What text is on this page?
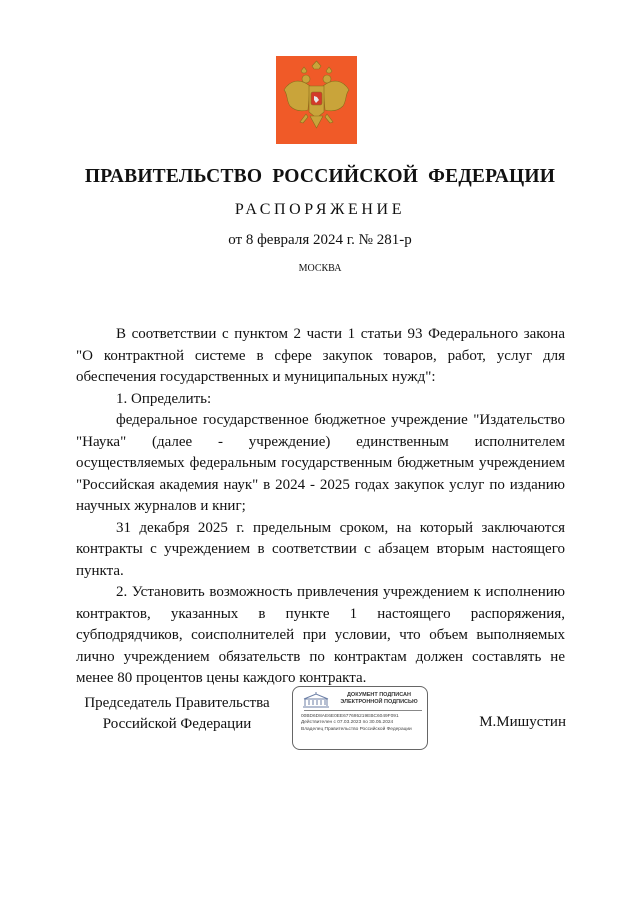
ПРАВИТЕЛЬСТВО РОССИЙСКОЙ ФЕДЕРАЦИИ
РАСПОРЯЖЕНИЕ
от 8 февраля 2024 г. № 281-р
МОСКВА

В соответствии с пунктом 2 части 1 статьи 93 Федерального закона "О контрактной системе в сфере закупок товаров, работ, услуг для обеспечения государственных и муниципальных нужд":

1. Определить:

федеральное государственное бюджетное учреждение "Издательство "Наука" (далее - учреждение) единственным исполнителем осуществляемых федеральным государственным бюджетным учреждением "Российская академия наук" в 2024 - 2025 годах закупок услуг по изданию научных журналов и книг;

31 декабря 2025 г. предельным сроком, на который заключаются контракты с учреждением в соответствии с абзацем вторым настоящего пункта.

2. Установить возможность привлечения учреждением к исполнению контрактов, указанных в пункте 1 настоящего распоряжения, субподрядчиков, соисполнителей при условии, что объем выполняемых лично учреждением обязательств по контрактам должен составлять не менее 80 процентов цены каждого контракта.

Председатель Правительства
Российской Федерации
ДОКУМЕНТ ПОДПИСАН
ЭЛЕКТРОННОЙ ПОДПИСЬЮ
00BD6D8AE6E0EE677695219EBC6049F091
Действителен с 07.03.2023 по 30.05.2024
Владелец Правительство Российской Федерации	М.Мишустин
